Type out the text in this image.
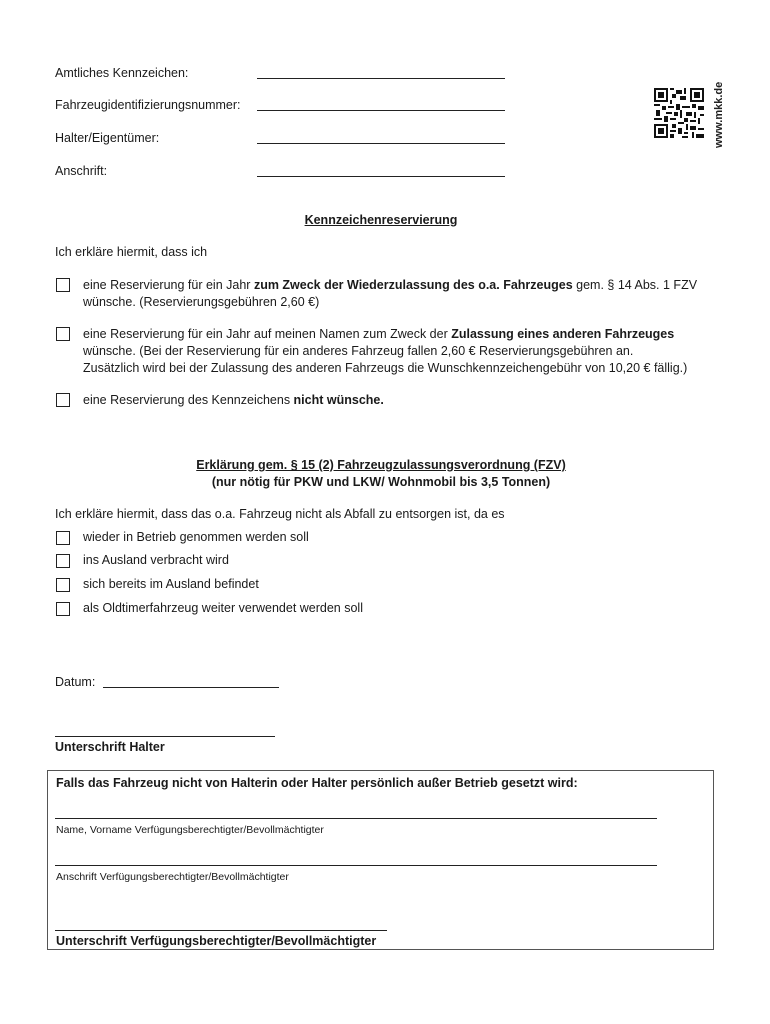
Amtliches Kennzeichen:
Fahrzeugidentifizierungsnummer:
Halter/Eigentümer:
Anschrift:
www.mkk.de
Kennzeichenreservierung
Ich erkläre hiermit, dass ich
eine Reservierung für ein Jahr zum Zweck der Wiederzulassung des o.a. Fahrzeuges gem. § 14 Abs. 1 FZV
wünsche. (Reservierungsgebühren 2,60 €)
eine Reservierung für ein Jahr auf meinen Namen zum Zweck der Zulassung eines anderen Fahrzeuges
wünsche. (Bei der Reservierung für ein anderes Fahrzeug fallen 2,60 € Reservierungsgebühren an.
Zusätzlich wird bei der Zulassung des anderen Fahrzeugs die Wunschkennzeichengebühr von 10,20 € fällig.)
eine Reservierung des Kennzeichens nicht wünsche.
Erklärung gem. § 15 (2) Fahrzeugzulassungsverordnung (FZV)
(nur nötig für PKW und LKW/ Wohnmobil bis 3,5 Tonnen)
Ich erkläre hiermit, dass das o.a. Fahrzeug nicht als Abfall zu entsorgen ist, da es
wieder in Betrieb genommen werden soll
ins Ausland verbracht wird
sich bereits im Ausland befindet
als Oldtimerfahrzeug weiter verwendet werden soll
Datum:
Unterschrift Halter
Falls das Fahrzeug nicht von Halterin oder Halter persönlich außer Betrieb gesetzt wird:
Name, Vorname Verfügungsberechtigter/Bevollmächtigter
Anschrift Verfügungsberechtigter/Bevollmächtigter
Unterschrift Verfügungsberechtigter/Bevollmächtigter
